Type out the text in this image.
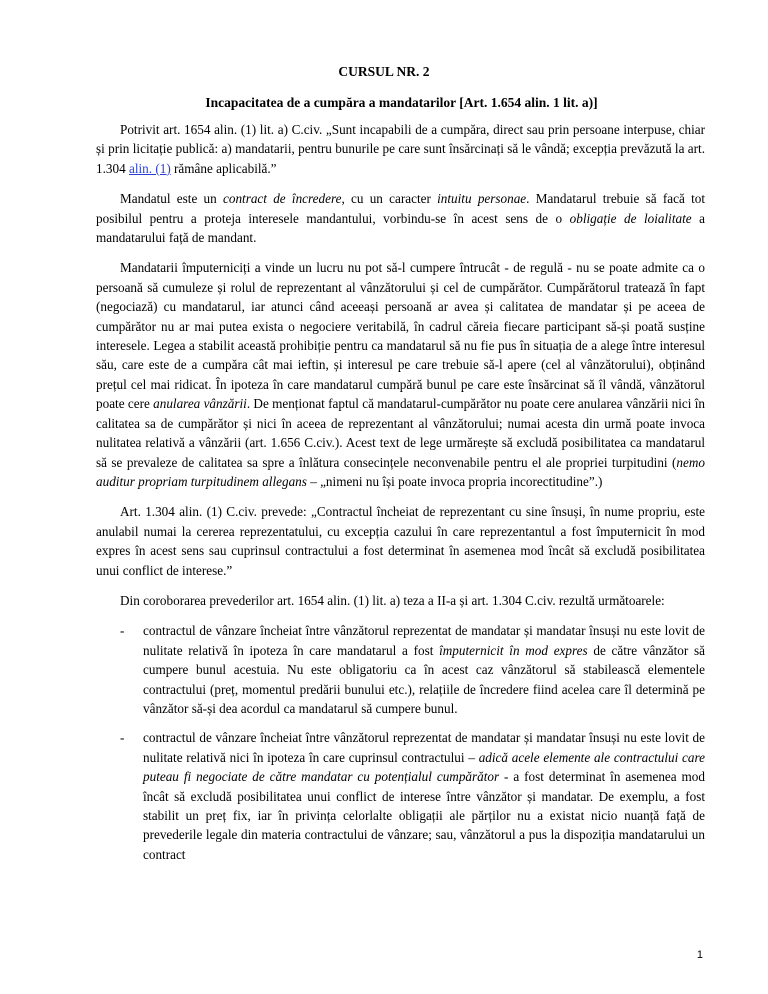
CURSUL NR. 2
Incapacitatea de a cumpăra a mandatarilor [Art. 1.654 alin. 1 lit. a)]

Potrivit art. 1654 alin. (1) lit. a) C.civ. „Sunt incapabili de a cumpăra, direct sau prin persoane interpuse, chiar și prin licitație publică: a) mandatarii, pentru bunurile pe care sunt însărcinați să le vândă; excepția prevăzută la art. 1.304 alin. (1) rămâne aplicabilă.”

Mandatul este un contract de încredere, cu un caracter intuitu personae. Mandatarul trebuie să facă tot posibilul pentru a proteja interesele mandantului, vorbindu-se în acest sens de o obligație de loialitate a mandatarului față de mandant.

Mandatarii împuterniciți a vinde un lucru nu pot să-l cumpere întrucât - de regulă - nu se poate admite ca o persoană să cumuleze și rolul de reprezentant al vânzătorului și cel de cumpărător. Cumpărătorul tratează în fapt (negociază) cu mandatarul, iar atunci când aceeași persoană ar avea și calitatea de mandatar și pe aceea de cumpărător nu ar mai putea exista o negociere veritabilă, în cadrul căreia fiecare participant să-și poată susține interesele. Legea a stabilit această prohibiție pentru ca mandatarul să nu fie pus în situația de a alege între interesul său, care este de a cumpăra cât mai ieftin, și interesul pe care trebuie să-l apere (cel al vânzătorului), obținând prețul cel mai ridicat. În ipoteza în care mandatarul cumpără bunul pe care este însărcinat să îl vândă, vânzătorul poate cere anularea vânzării. De menționat faptul că mandatarul-cumpărător nu poate cere anularea vânzării nici în calitatea sa de cumpărător și nici în aceea de reprezentant al vânzătorului; numai acesta din urmă poate invoca nulitatea relativă a vânzării (art. 1.656 C.civ.). Acest text de lege urmărește să excludă posibilitatea ca mandatarul să se prevaleze de calitatea sa spre a înlătura consecințele neconvenabile pentru el ale propriei turpitudini (nemo auditur propriam turpitudinem allegans – „nimeni nu își poate invoca propria incorectitudine”.)

Art. 1.304 alin. (1) C.civ. prevede: „Contractul încheiat de reprezentant cu sine însuși, în nume propriu, este anulabil numai la cererea reprezentatului, cu excepția cazului în care reprezentantul a fost împuternicit în mod expres în acest sens sau cuprinsul contractului a fost determinat în asemenea mod încât să excludă posibilitatea unui conflict de interese.”

Din coroborarea prevederilor art. 1654 alin. (1) lit. a) teza a II-a și art. 1.304 C.civ. rezultă următoarele:

- contractul de vânzare încheiat între vânzătorul reprezentat de mandatar și mandatar însuși nu este lovit de nulitate relativă în ipoteza în care mandatarul a fost împuternicit în mod expres de către vânzător să cumpere bunul acestuia. Nu este obligatoriu ca în acest caz vânzătorul să stabilească elementele contractului (preț, momentul predării bunului etc.), relațiile de încredere fiind acelea care îl determină pe vânzător să-și dea acordul ca mandatarul să cumpere bunul.
- contractul de vânzare încheiat între vânzătorul reprezentat de mandatar și mandatar însuși nu este lovit de nulitate relativă nici în ipoteza în care cuprinsul contractului – adică acele elemente ale contractului care puteau fi negociate de către mandatar cu potențialul cumpărător - a fost determinat în asemenea mod încât să excludă posibilitatea unui conflict de interese între vânzător și mandatar. De exemplu, a fost stabilit un preț fix, iar în privința celorlalte obligații ale părților nu a existat nicio nuanță față de prevederile legale din materia contractului de vânzare; sau, vânzătorul a pus la dispoziția mandatarului un contract
1
